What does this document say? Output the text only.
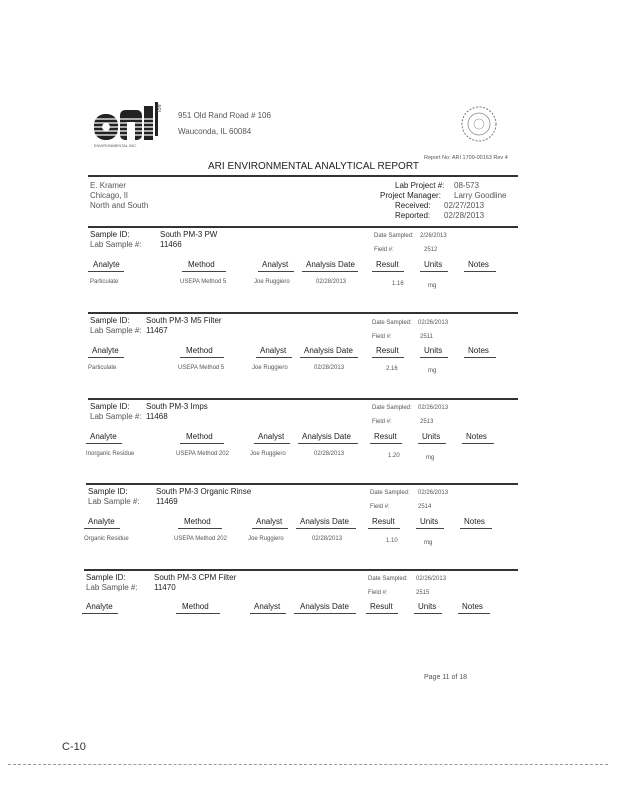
ARI
ENVIRONMENTAL INC.
951 Old Rand Road # 106
Wauconda, IL 60084
Report No: ARI 1709-00163 Rev 4
ARI ENVIRONMENTAL ANALYTICAL REPORT
E. Kramer
Chicago, Il
North and South
Lab Project #: 08-573
Project Manager: Larry Goodline
Received: 02/27/2013
Reported: 02/28/2013
Sample ID:	South PM-3 PW
Lab Sample #: 11466
Date Sampled: 2/26/2013
Field #:	2512
Analyte	Method	Analyst Analysis Date	Result	Units	Notes
Particulate	USEPA Method 5	Joe Ruggiero	02/28/2013	1.16	mg
Sample ID: South PM-3 M5 Filter
Lab Sample #: 11467
Date Sampled: 02/26/2013
Field #:	2511
Analyte	Method	Analyst Analysis Date	Result	Units	Notes
Particulate	USEPA Method 5	Joe Ruggiero	02/28/2013	2.16	mg
Sample ID: South PM-3 Imps
Lab Sample #: 11468
Date Sampled: 02/26/2013
Field #:	2513
Analyte	Method	Analyst Analysis Date	Result	Units	Notes
Inorganic Residue	USEPA Method 202	Joe Ruggiero	02/28/2013	1.20	mg
Sample ID:	South PM-3 Organic Rinse
Lab Sample #: 11469
Date Sampled: 02/26/2013
Field #:	2514
Analyte	Method	Analyst Analysis Date	Result	Units	Notes
Organic Residue	USEPA Method 202	Joe Ruggiero	02/28/2013	1.10	mg
Sample ID:	South PM-3 CPM Filter
Lab Sample #: 11470
Date Sampled: 02/26/2013
Field #:	2515
Analyte	Method	Analyst Analysis Date	Result	Units	Notes
Page 11 of 18
C-10
